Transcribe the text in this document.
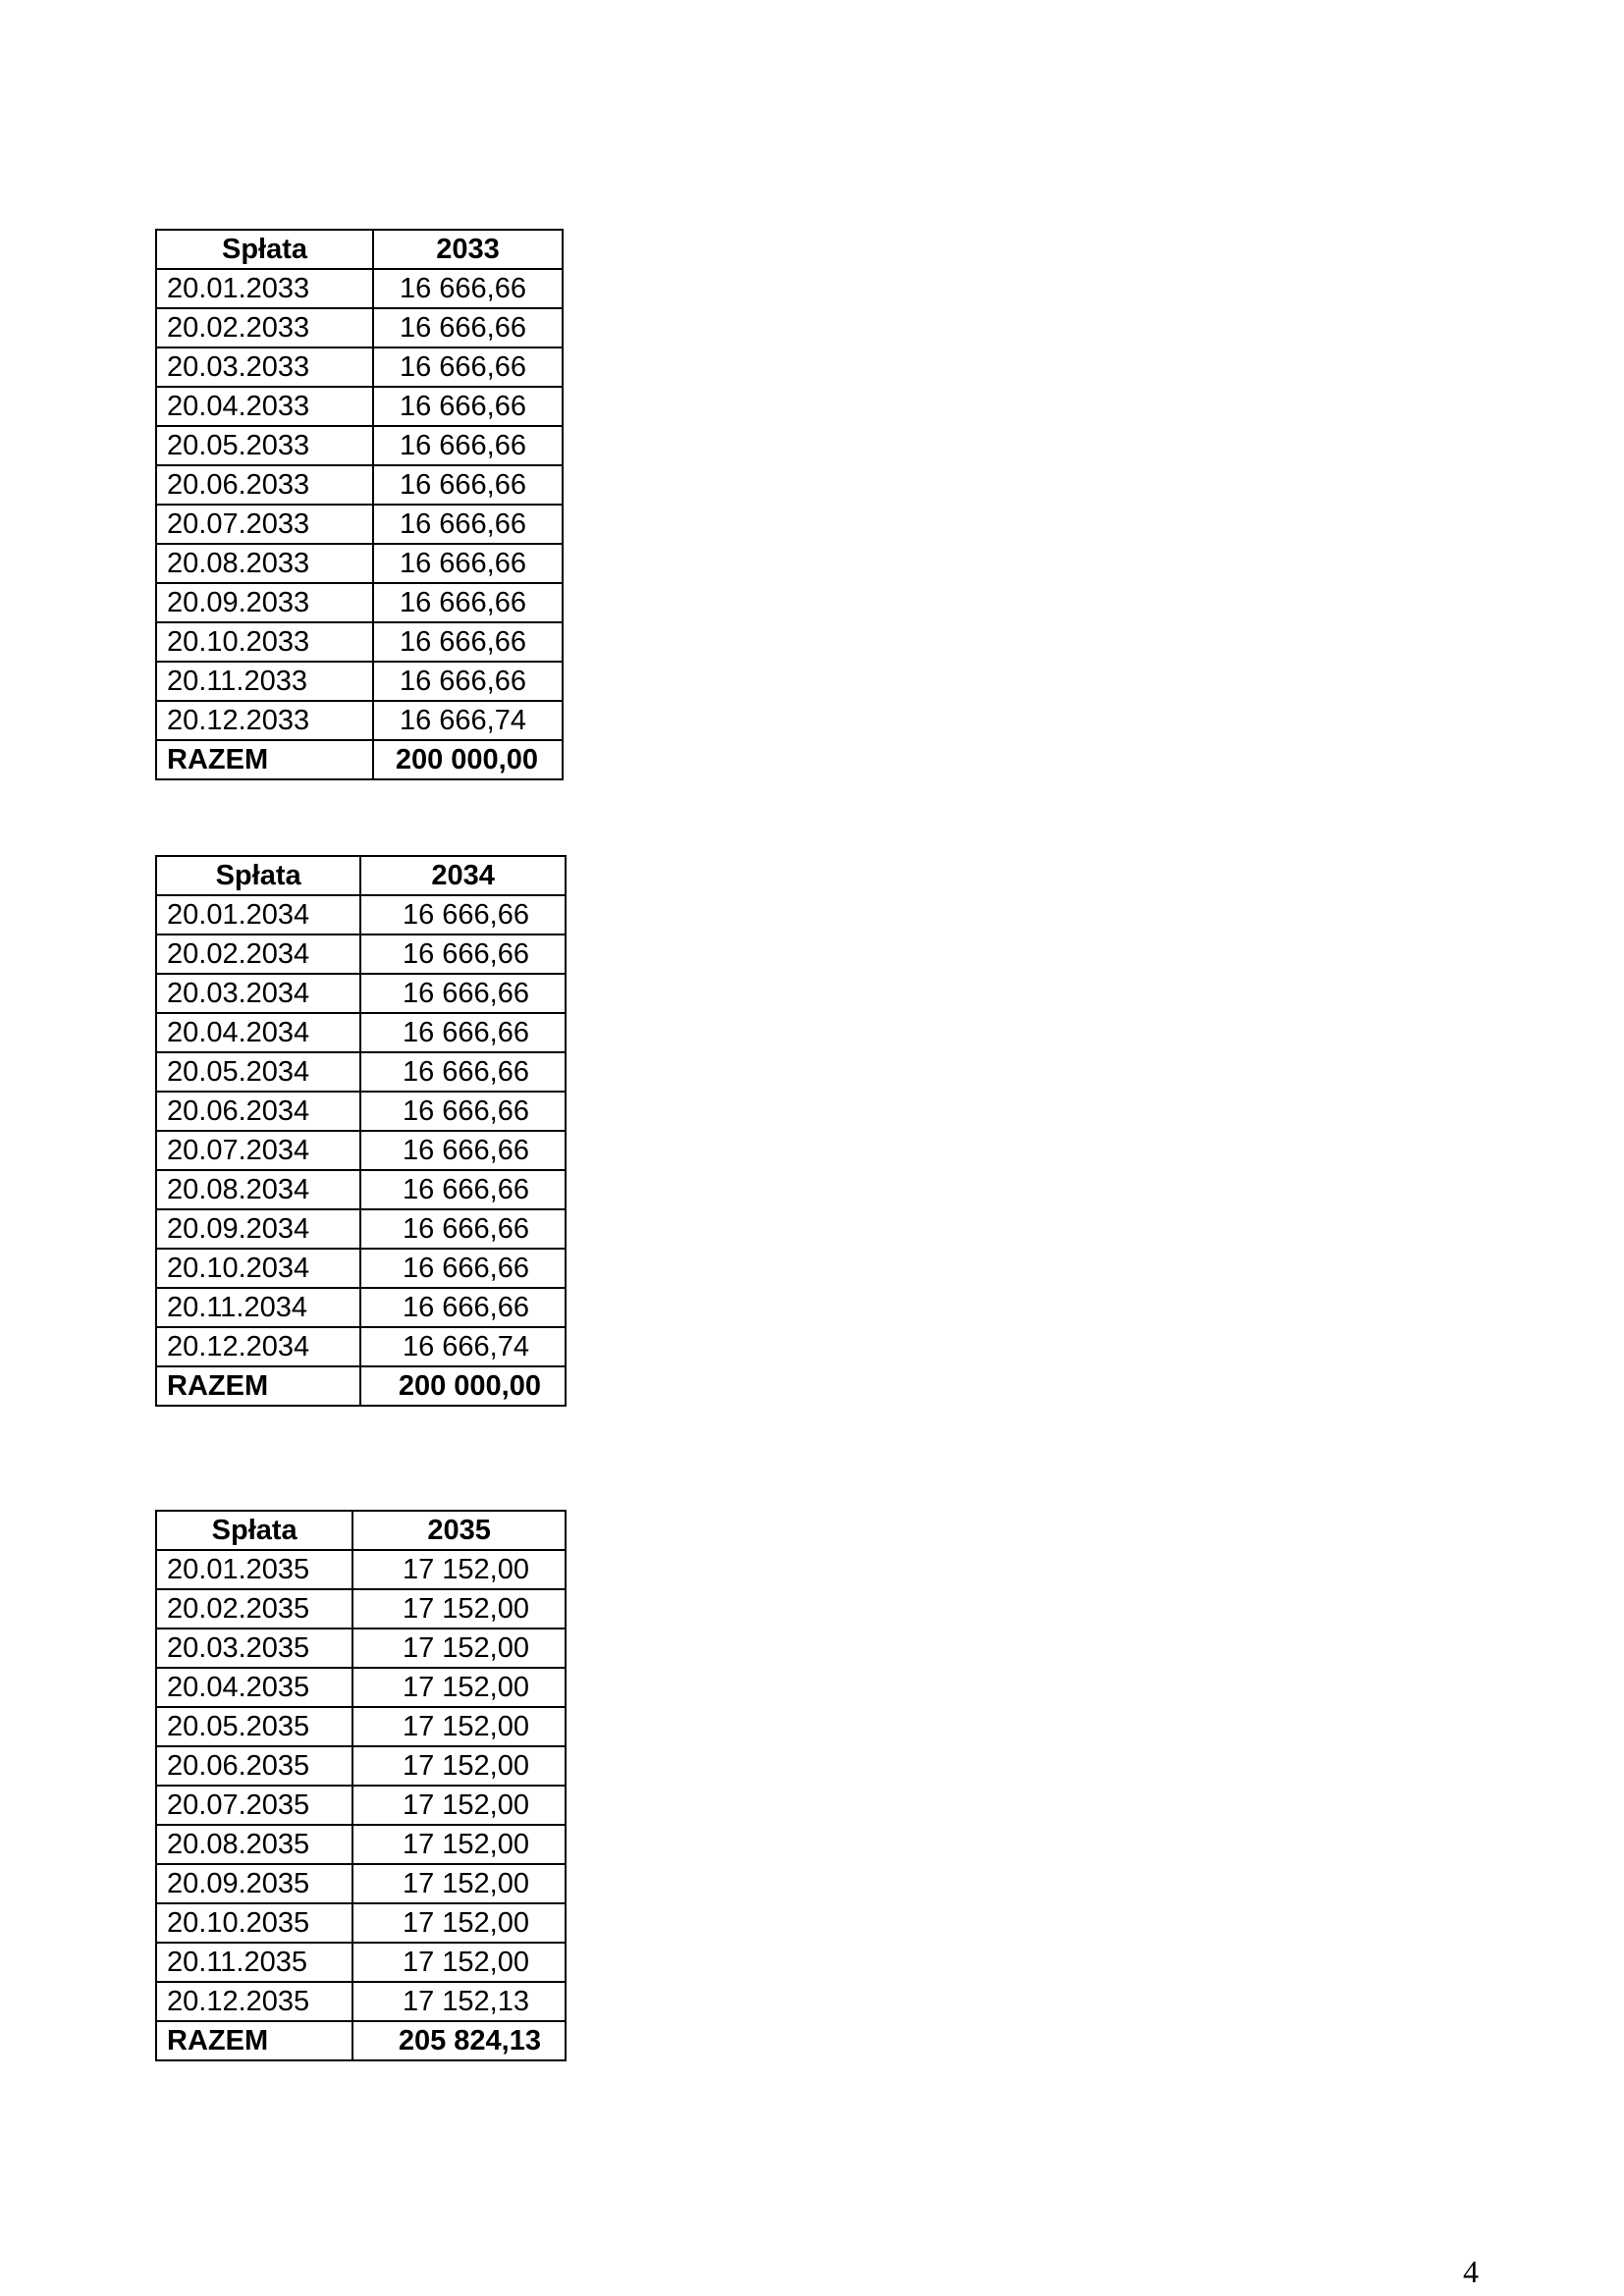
Spłata	2033
20.01.2033	16 666,66
20.02.2033	16 666,66
20.03.2033	16 666,66
20.04.2033	16 666,66
20.05.2033	16 666,66
20.06.2033	16 666,66
20.07.2033	16 666,66
20.08.2033	16 666,66
20.09.2033	16 666,66
20.10.2033	16 666,66
20.11.2033	16 666,66
20.12.2033	16 666,74
RAZEM	200 000,00
Spłata	2034
20.01.2034	16 666,66
20.02.2034	16 666,66
20.03.2034	16 666,66
20.04.2034	16 666,66
20.05.2034	16 666,66
20.06.2034	16 666,66
20.07.2034	16 666,66
20.08.2034	16 666,66
20.09.2034	16 666,66
20.10.2034	16 666,66
20.11.2034	16 666,66
20.12.2034	16 666,74
RAZEM	200 000,00
Spłata	2035
20.01.2035	17 152,00
20.02.2035	17 152,00
20.03.2035	17 152,00
20.04.2035	17 152,00
20.05.2035	17 152,00
20.06.2035	17 152,00
20.07.2035	17 152,00
20.08.2035	17 152,00
20.09.2035	17 152,00
20.10.2035	17 152,00
20.11.2035	17 152,00
20.12.2035	17 152,13
RAZEM	205 824,13
4
